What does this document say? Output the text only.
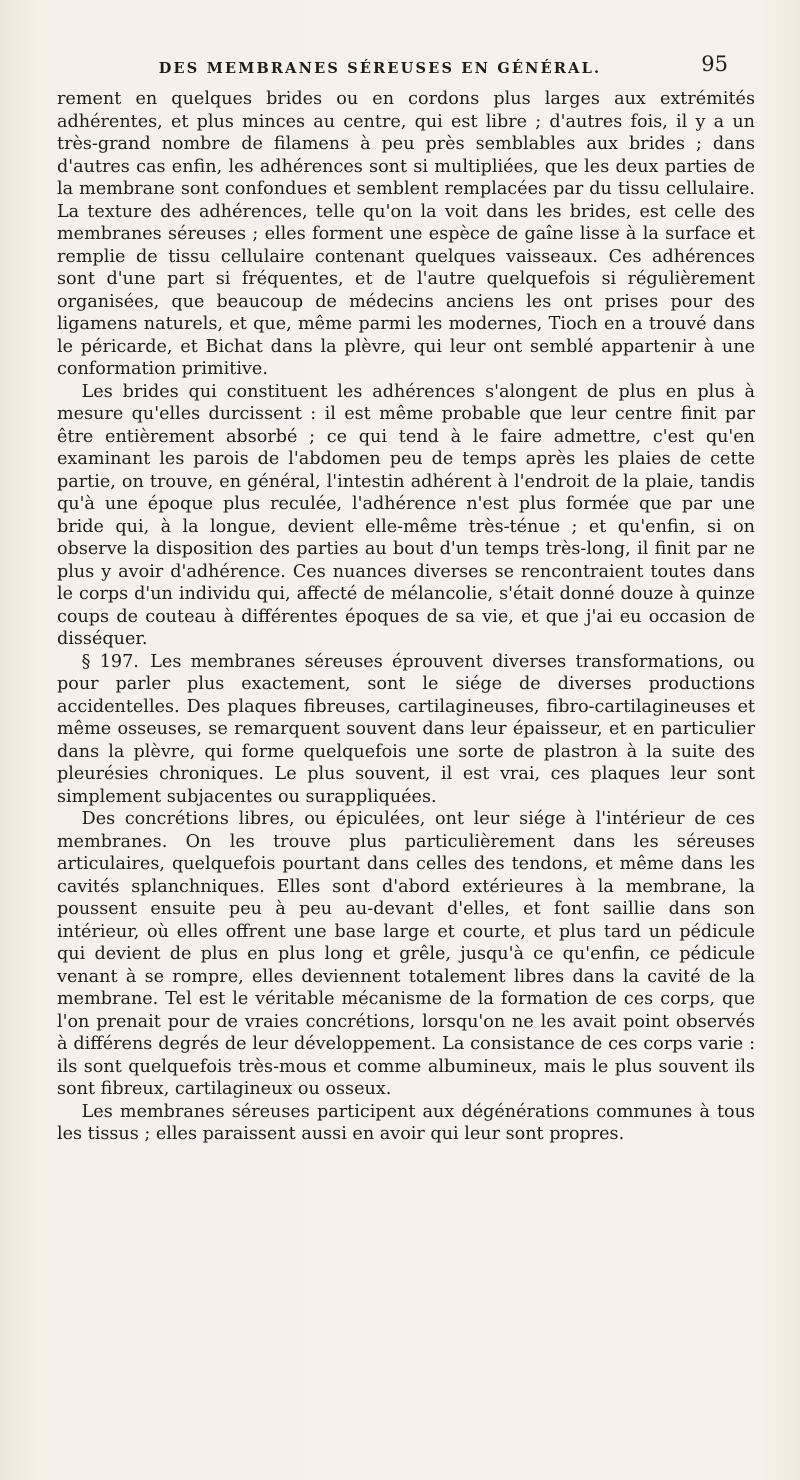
DES MEMBRANES SÉREUSES EN GÉNÉRAL.	95

rement en quelques brides ou en cordons plus larges aux extrémités adhérentes, et plus minces au centre, qui est libre ; d'autres fois, il y a un très-grand nombre de filamens à peu près semblables aux brides ; dans d'autres cas enfin, les adhérences sont si multipliées, que les deux parties de la membrane sont confondues et semblent remplacées par du tissu cellulaire. La texture des adhérences, telle qu'on la voit dans les brides, est celle des membranes séreuses ; elles forment une espèce de gaîne lisse à la surface et remplie de tissu cellulaire contenant quelques vaisseaux. Ces adhérences sont d'une part si fréquentes, et de l'autre quelquefois si régulièrement organisées, que beaucoup de médecins anciens les ont prises pour des ligamens naturels, et que, même parmi les modernes, Tioch en a trouvé dans le péricarde, et Bichat dans la plèvre, qui leur ont semblé appartenir à une conformation primitive.

Les brides qui constituent les adhérences s'alongent de plus en plus à mesure qu'elles durcissent : il est même probable que leur centre finit par être entièrement absorbé ; ce qui tend à le faire admettre, c'est qu'en examinant les parois de l'abdomen peu de temps après les plaies de cette partie, on trouve, en général, l'intestin adhérent à l'endroit de la plaie, tandis qu'à une époque plus reculée, l'adhérence n'est plus formée que par une bride qui, à la longue, devient elle-même très-ténue ; et qu'enfin, si on observe la disposition des parties au bout d'un temps très-long, il finit par ne plus y avoir d'adhérence. Ces nuances diverses se rencontraient toutes dans le corps d'un individu qui, affecté de mélancolie, s'était donné douze à quinze coups de couteau à différentes époques de sa vie, et que j'ai eu occasion de disséquer.

§ 197. Les membranes séreuses éprouvent diverses transformations, ou pour parler plus exactement, sont le siége de diverses productions accidentelles. Des plaques fibreuses, cartilagineuses, fibro-cartilagineuses et même osseuses, se remarquent souvent dans leur épaisseur, et en particulier dans la plèvre, qui forme quelquefois une sorte de plastron à la suite des pleurésies chroniques. Le plus souvent, il est vrai, ces plaques leur sont simplement subjacentes ou surappliquées.

Des concrétions libres, ou épiculées, ont leur siége à l'intérieur de ces membranes. On les trouve plus particulièrement dans les séreuses articulaires, quelquefois pourtant dans celles des tendons, et même dans les cavités splanchniques. Elles sont d'abord extérieures à la membrane, la poussent ensuite peu à peu au-devant d'elles, et font saillie dans son intérieur, où elles offrent une base large et courte, et plus tard un pédicule qui devient de plus en plus long et grêle, jusqu'à ce qu'enfin, ce pédicule venant à se rompre, elles deviennent totalement libres dans la cavité de la membrane. Tel est le véritable mécanisme de la formation de ces corps, que l'on prenait pour de vraies concrétions, lorsqu'on ne les avait point observés à différens degrés de leur développement. La consistance de ces corps varie : ils sont quelquefois très-mous et comme albumineux, mais le plus souvent ils sont fibreux, cartilagineux ou osseux.

Les membranes séreuses participent aux dégénérations communes à tous les tissus ; elles paraissent aussi en avoir qui leur sont propres.
